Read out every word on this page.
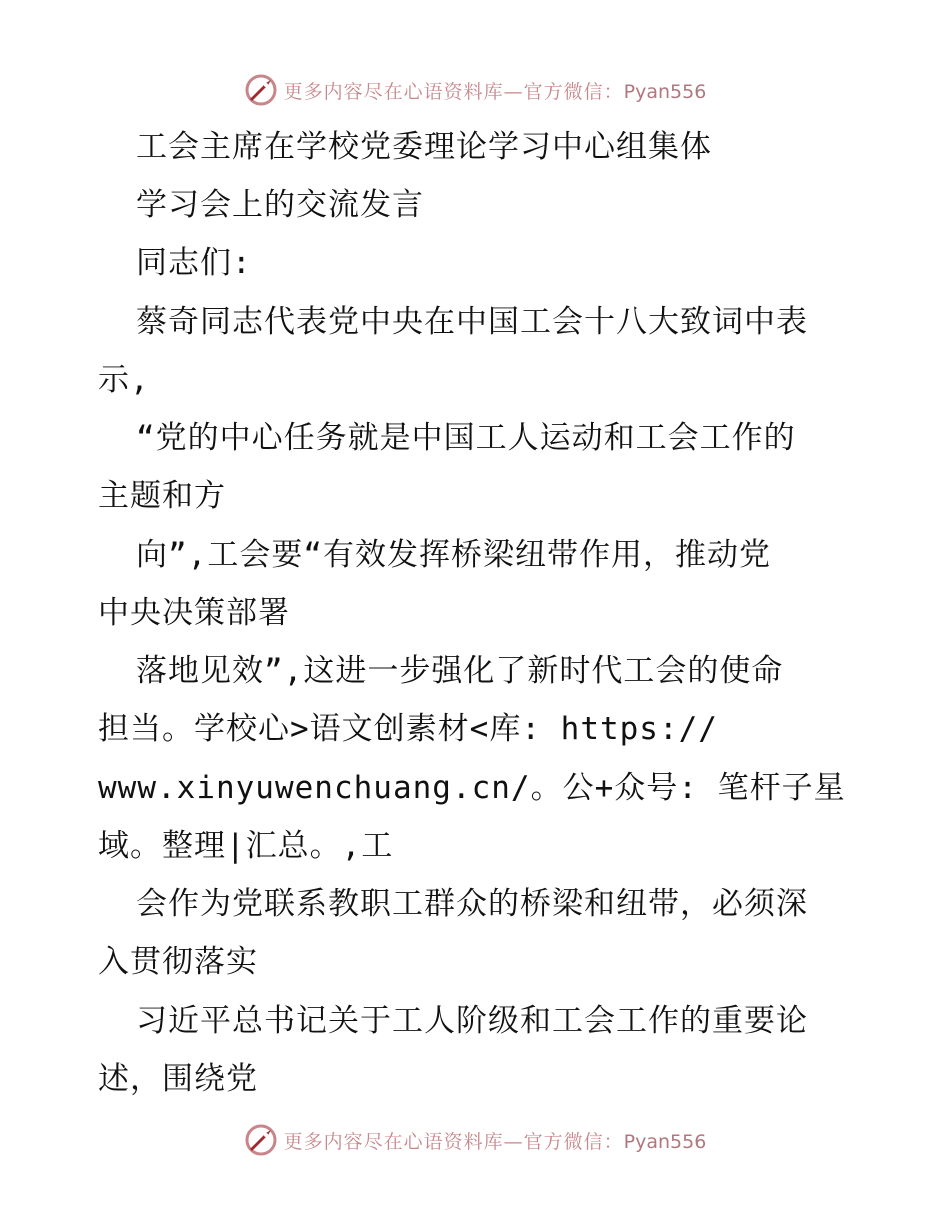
更多内容尽在心语资料库—官方微信：Pyan556
工会主席在学校党委理论学习中心组集体
学习会上的交流发言
同志们:
蔡奇同志代表党中央在中国工会十八大致词中表
示,
“党的中心任务就是中国工人运动和工会工作的
主题和方
向”,工会要“有效发挥桥梁纽带作用，推动党
中央决策部署
落地见效”,这进一步强化了新时代工会的使命
担当。学校心>语文创素材<库: https://
www.xinyuwenchuang.cn/。公+众号: 笔杆子星
域。整理|汇总。,工
会作为党联系教职工群众的桥梁和纽带，必须深
入贯彻落实
习近平总书记关于工人阶级和工会工作的重要论
述，围绕党
更多内容尽在心语资料库—官方微信：Pyan556
